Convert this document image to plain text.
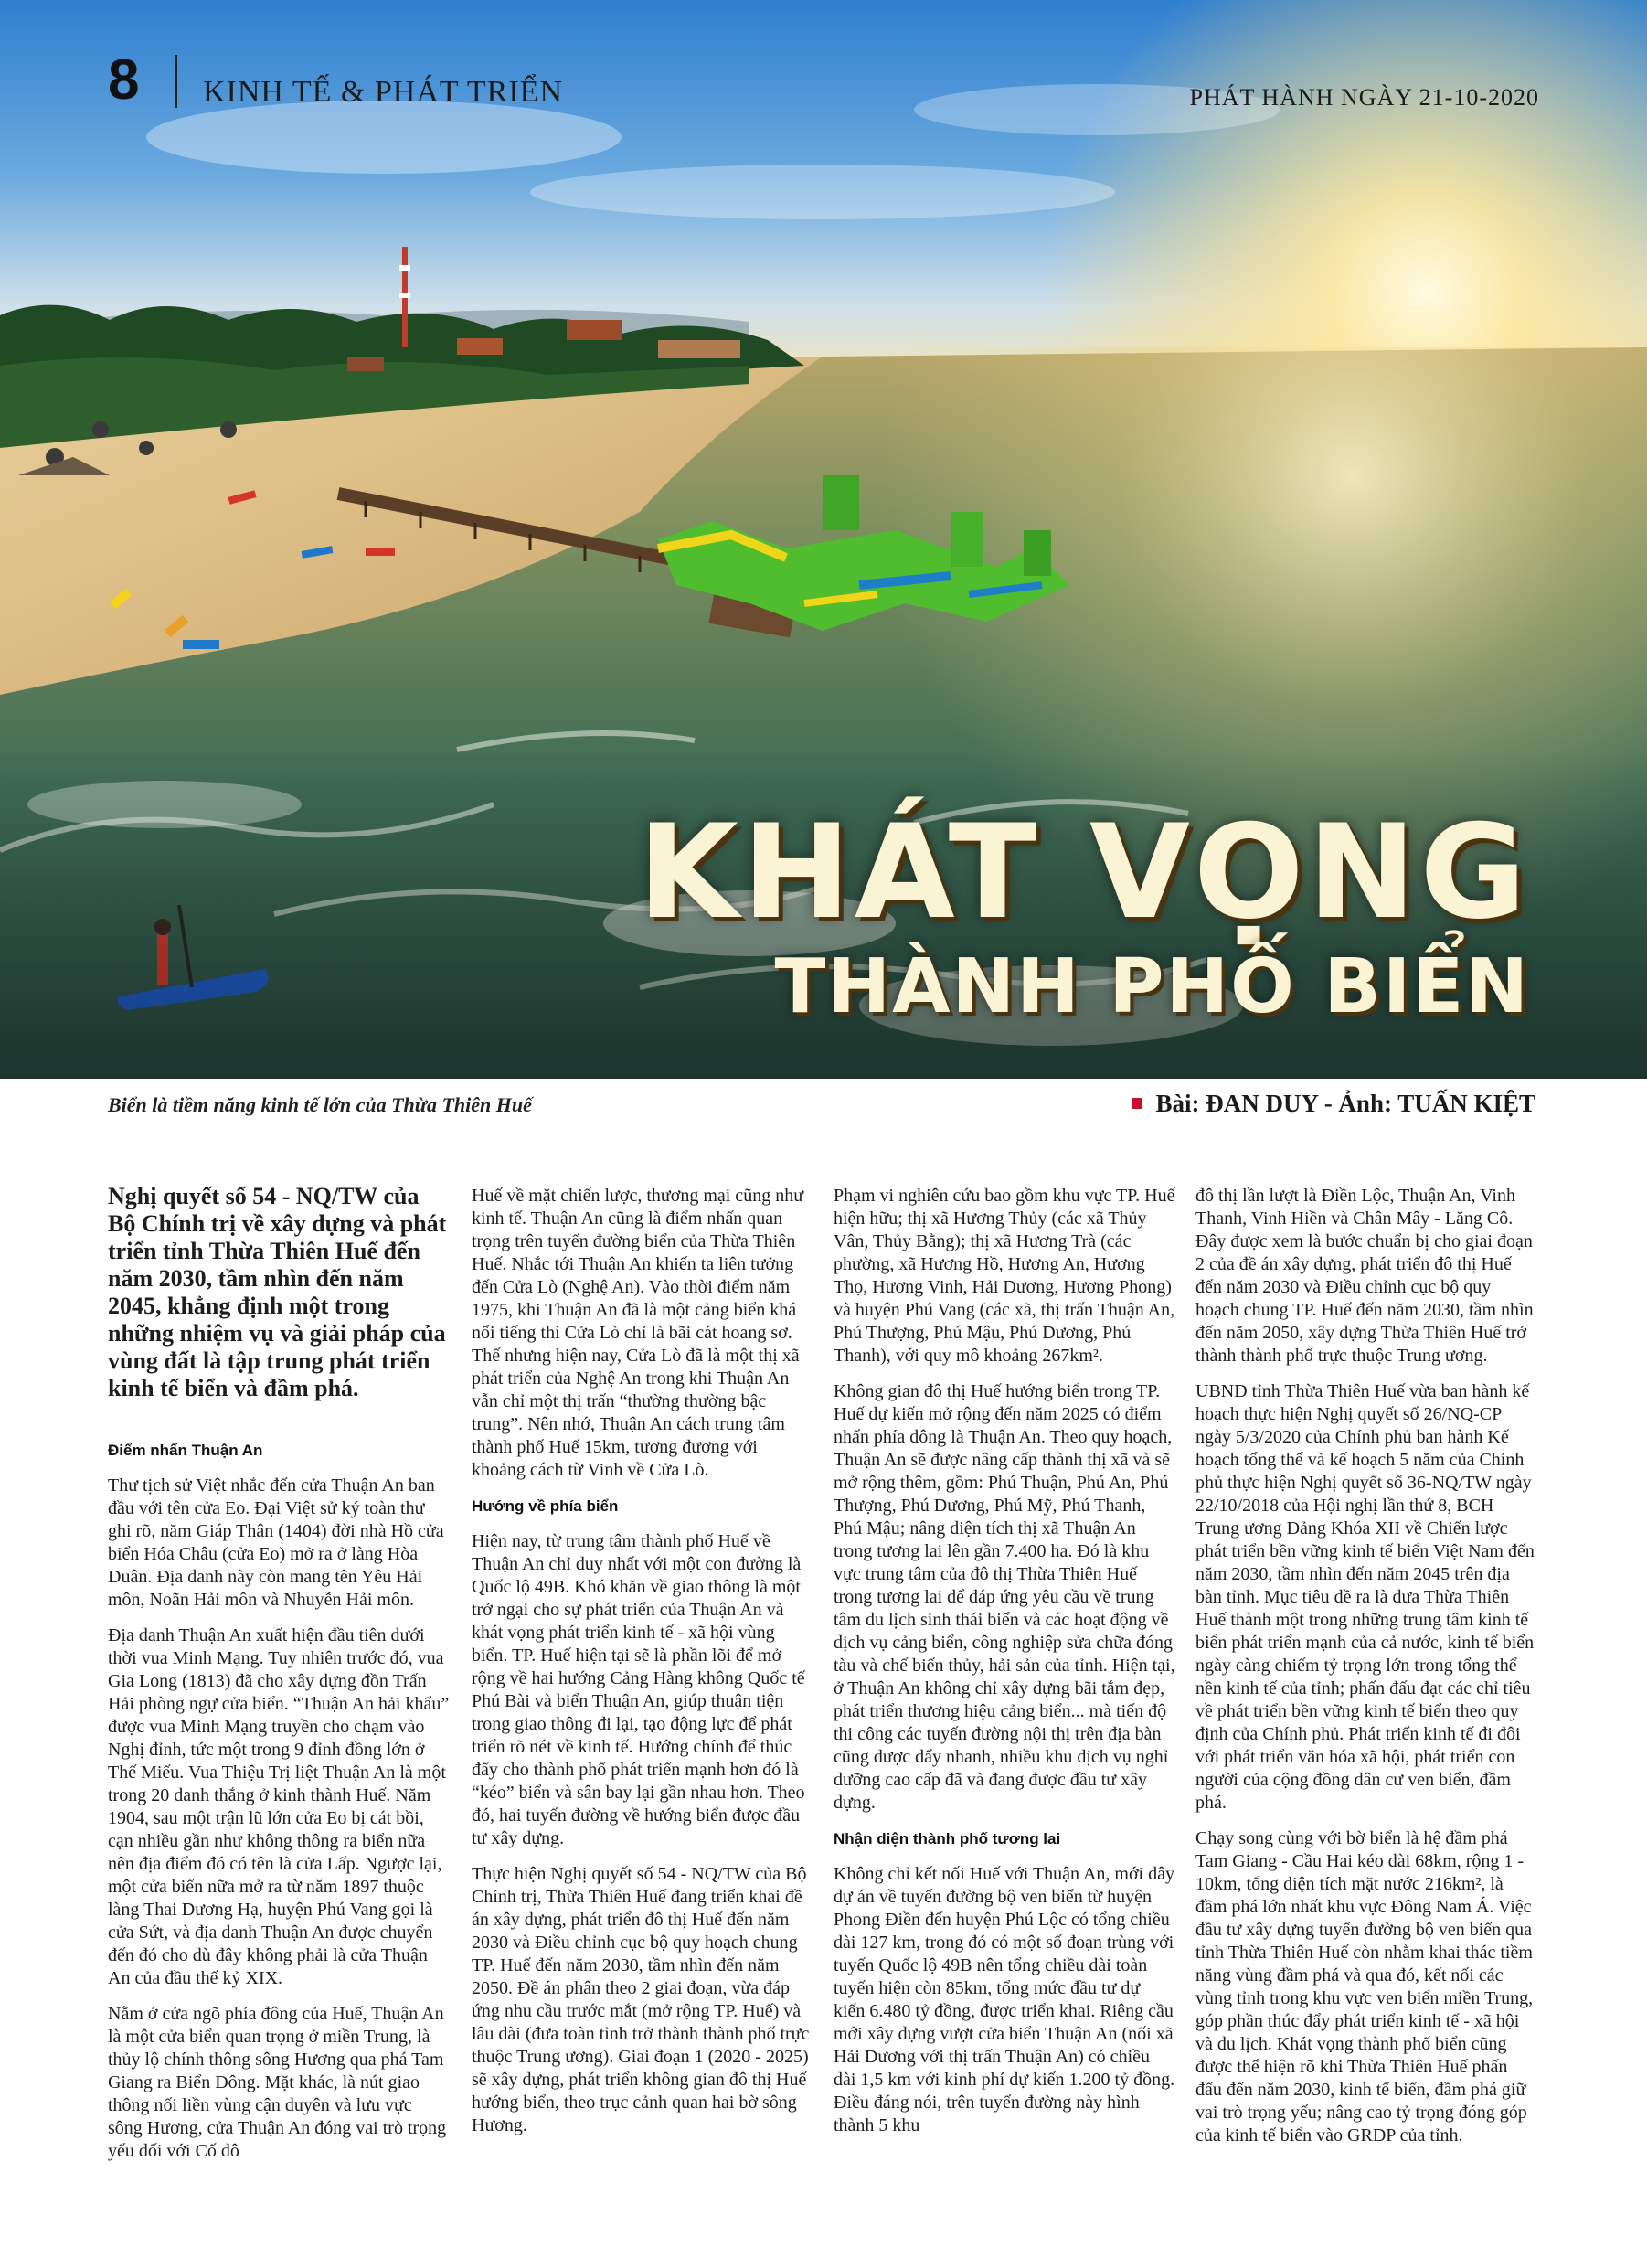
8 KINH TẾ & PHÁT TRIỂN	PHÁT HÀNH NGÀY 21-10-2020
KHÁT VỌNG
THÀNH PHỐ BIỂN
Biển là tiềm năng kinh tế lớn của Thừa Thiên Huế	Bài: ĐAN DUY - Ảnh: TUẤN KIỆT

Nghị quyết số 54 - NQ/TW của Bộ Chính trị về xây dựng và phát triển tỉnh Thừa Thiên Huế đến năm 2030, tầm nhìn đến năm 2045, khẳng định một trong những nhiệm vụ và giải pháp của vùng đất là tập trung phát triển kinh tế biển và đầm phá.

Điểm nhấn Thuận An

Thư tịch sử Việt nhắc đến cửa Thuận An ban đầu với tên cửa Eo. Đại Việt sử ký toàn thư ghi rõ, năm Giáp Thân (1404) đời nhà Hồ cửa biển Hóa Châu (cửa Eo) mở ra ở làng Hòa Duân. Địa danh này còn mang tên Yêu Hải môn, Noãn Hải môn và Nhuyễn Hải môn.

Địa danh Thuận An xuất hiện đầu tiên dưới thời vua Minh Mạng. Tuy nhiên trước đó, vua Gia Long (1813) đã cho xây dựng đồn Trấn Hải phòng ngự cửa biển. “Thuận An hải khẩu” được vua Minh Mạng truyền cho chạm vào Nghị đỉnh, tức một trong 9 đỉnh đồng lớn ở Thế Miếu. Vua Thiệu Trị liệt Thuận An là một trong 20 danh thắng ở kinh thành Huế. Năm 1904, sau một trận lũ lớn cửa Eo bị cát bồi, cạn nhiều gần như không thông ra biển nữa nên địa điểm đó có tên là cửa Lấp. Ngược lại, một cửa biển nữa mở ra từ năm 1897 thuộc làng Thai Dương Hạ, huyện Phú Vang gọi là cửa Sứt, và địa danh Thuận An được chuyển đến đó cho dù đây không phải là cửa Thuận An của đầu thế kỷ XIX.

Nằm ở cửa ngõ phía đông của Huế, Thuận An là một cửa biển quan trọng ở miền Trung, là thủy lộ chính thông sông Hương qua phá Tam Giang ra Biển Đông. Mặt khác, là nút giao thông nối liền vùng cận duyên và lưu vực sông Hương, cửa Thuận An đóng vai trò trọng yếu đối với Cố đô

Huế về mặt chiến lược, thương mại cũng như kinh tế. Thuận An cũng là điểm nhấn quan trọng trên tuyến đường biển của Thừa Thiên Huế. Nhắc tới Thuận An khiến ta liên tưởng đến Cửa Lò (Nghệ An). Vào thời điểm năm 1975, khi Thuận An đã là một cảng biển khá nổi tiếng thì Cửa Lò chỉ là bãi cát hoang sơ. Thế nhưng hiện nay, Cửa Lò đã là một thị xã phát triển của Nghệ An trong khi Thuận An vẫn chỉ một thị trấn “thường thường bậc trung”. Nên nhớ, Thuận An cách trung tâm thành phố Huế 15km, tương đương với khoảng cách từ Vinh về Cửa Lò.

Hướng về phía biển

Hiện nay, từ trung tâm thành phố Huế về Thuận An chỉ duy nhất với một con đường là Quốc lộ 49B. Khó khăn về giao thông là một trở ngại cho sự phát triển của Thuận An và khát vọng phát triển kinh tế - xã hội vùng biển. TP. Huế hiện tại sẽ là phần lõi để mở rộng về hai hướng Cảng Hàng không Quốc tế Phú Bài và biển Thuận An, giúp thuận tiện trong giao thông đi lại, tạo động lực để phát triển rõ nét về kinh tế. Hướng chính để thúc đẩy cho thành phố phát triển mạnh hơn đó là “kéo” biển và sân bay lại gần nhau hơn. Theo đó, hai tuyến đường về hướng biển được đầu tư xây dựng.

Thực hiện Nghị quyết số 54 - NQ/TW của Bộ Chính trị, Thừa Thiên Huế đang triển khai đề án xây dựng, phát triển đô thị Huế đến năm 2030 và Điều chỉnh cục bộ quy hoạch chung TP. Huế đến năm 2030, tầm nhìn đến năm 2050. Đề án phân theo 2 giai đoạn, vừa đáp ứng nhu cầu trước mắt (mở rộng TP. Huế) và lâu dài (đưa toàn tỉnh trở thành thành phố trực thuộc Trung ương). Giai đoạn 1 (2020 - 2025) sẽ xây dựng, phát triển không gian đô thị Huế hướng biển, theo trục cảnh quan hai bờ sông Hương.

Phạm vi nghiên cứu bao gồm khu vực TP. Huế hiện hữu; thị xã Hương Thủy (các xã Thủy Vân, Thủy Bằng); thị xã Hương Trà (các phường, xã Hương Hồ, Hương An, Hương Thọ, Hương Vinh, Hải Dương, Hương Phong) và huyện Phú Vang (các xã, thị trấn Thuận An, Phú Thượng, Phú Mậu, Phú Dương, Phú Thanh), với quy mô khoảng 267km².

Không gian đô thị Huế hướng biển trong TP. Huế dự kiến mở rộng đến năm 2025 có điểm nhấn phía đông là Thuận An. Theo quy hoạch, Thuận An sẽ được nâng cấp thành thị xã và sẽ mở rộng thêm, gồm: Phú Thuận, Phú An, Phú Thượng, Phú Dương, Phú Mỹ, Phú Thanh, Phú Mậu; nâng diện tích thị xã Thuận An trong tương lai lên gần 7.400 ha. Đó là khu vực trung tâm của đô thị Thừa Thiên Huế trong tương lai để đáp ứng yêu cầu về trung tâm du lịch sinh thái biển và các hoạt động về dịch vụ cảng biển, công nghiệp sửa chữa đóng tàu và chế biến thủy, hải sản của tỉnh. Hiện tại, ở Thuận An không chỉ xây dựng bãi tắm đẹp, phát triển thương hiệu cảng biển... mà tiến độ thi công các tuyến đường nội thị trên địa bàn cũng được đẩy nhanh, nhiều khu dịch vụ nghỉ dưỡng cao cấp đã và đang được đầu tư xây dựng.

Nhận diện thành phố tương lai

Không chỉ kết nối Huế với Thuận An, mới đây dự án về tuyến đường bộ ven biển từ huyện Phong Điền đến huyện Phú Lộc có tổng chiều dài 127 km, trong đó có một số đoạn trùng với tuyến Quốc lộ 49B nên tổng chiều dài toàn tuyến hiện còn 85km, tổng mức đầu tư dự kiến 6.480 tỷ đồng, được triển khai. Riêng cầu mới xây dựng vượt cửa biển Thuận An (nối xã Hải Dương với thị trấn Thuận An) có chiều dài 1,5 km với kinh phí dự kiến 1.200 tỷ đồng. Điều đáng nói, trên tuyến đường này hình thành 5 khu

đô thị lần lượt là Điền Lộc, Thuận An, Vinh Thanh, Vinh Hiền và Chân Mây - Lăng Cô. Đây được xem là bước chuẩn bị cho giai đoạn 2 của đề án xây dựng, phát triển đô thị Huế đến năm 2030 và Điều chỉnh cục bộ quy hoạch chung TP. Huế đến năm 2030, tầm nhìn đến năm 2050, xây dựng Thừa Thiên Huế trở thành thành phố trực thuộc Trung ương.

UBND tỉnh Thừa Thiên Huế vừa ban hành kế hoạch thực hiện Nghị quyết số 26/NQ-CP ngày 5/3/2020 của Chính phủ ban hành Kế hoạch tổng thể và kế hoạch 5 năm của Chính phủ thực hiện Nghị quyết số 36-NQ/TW ngày 22/10/2018 của Hội nghị lần thứ 8, BCH Trung ương Đảng Khóa XII về Chiến lược phát triển bền vững kinh tế biển Việt Nam đến năm 2030, tầm nhìn đến năm 2045 trên địa bàn tỉnh. Mục tiêu đề ra là đưa Thừa Thiên Huế thành một trong những trung tâm kinh tế biển phát triển mạnh của cả nước, kinh tế biển ngày càng chiếm tỷ trọng lớn trong tổng thể nền kinh tế của tỉnh; phấn đấu đạt các chỉ tiêu về phát triển bền vững kinh tế biển theo quy định của Chính phủ. Phát triển kinh tế đi đôi với phát triển văn hóa xã hội, phát triển con người của cộng đồng dân cư ven biển, đầm phá.

Chạy song cùng với bờ biển là hệ đầm phá Tam Giang - Cầu Hai kéo dài 68km, rộng 1 - 10km, tổng diện tích mặt nước 216km², là đầm phá lớn nhất khu vực Đông Nam Á. Việc đầu tư xây dựng tuyến đường bộ ven biển qua tỉnh Thừa Thiên Huế còn nhằm khai thác tiềm năng vùng đầm phá và qua đó, kết nối các vùng tỉnh trong khu vực ven biển miền Trung, góp phần thúc đẩy phát triển kinh tế - xã hội và du lịch. Khát vọng thành phố biển cũng được thể hiện rõ khi Thừa Thiên Huế phấn đấu đến năm 2030, kinh tế biển, đầm phá giữ vai trò trọng yếu; nâng cao tỷ trọng đóng góp của kinh tế biển vào GRDP của tỉnh.
